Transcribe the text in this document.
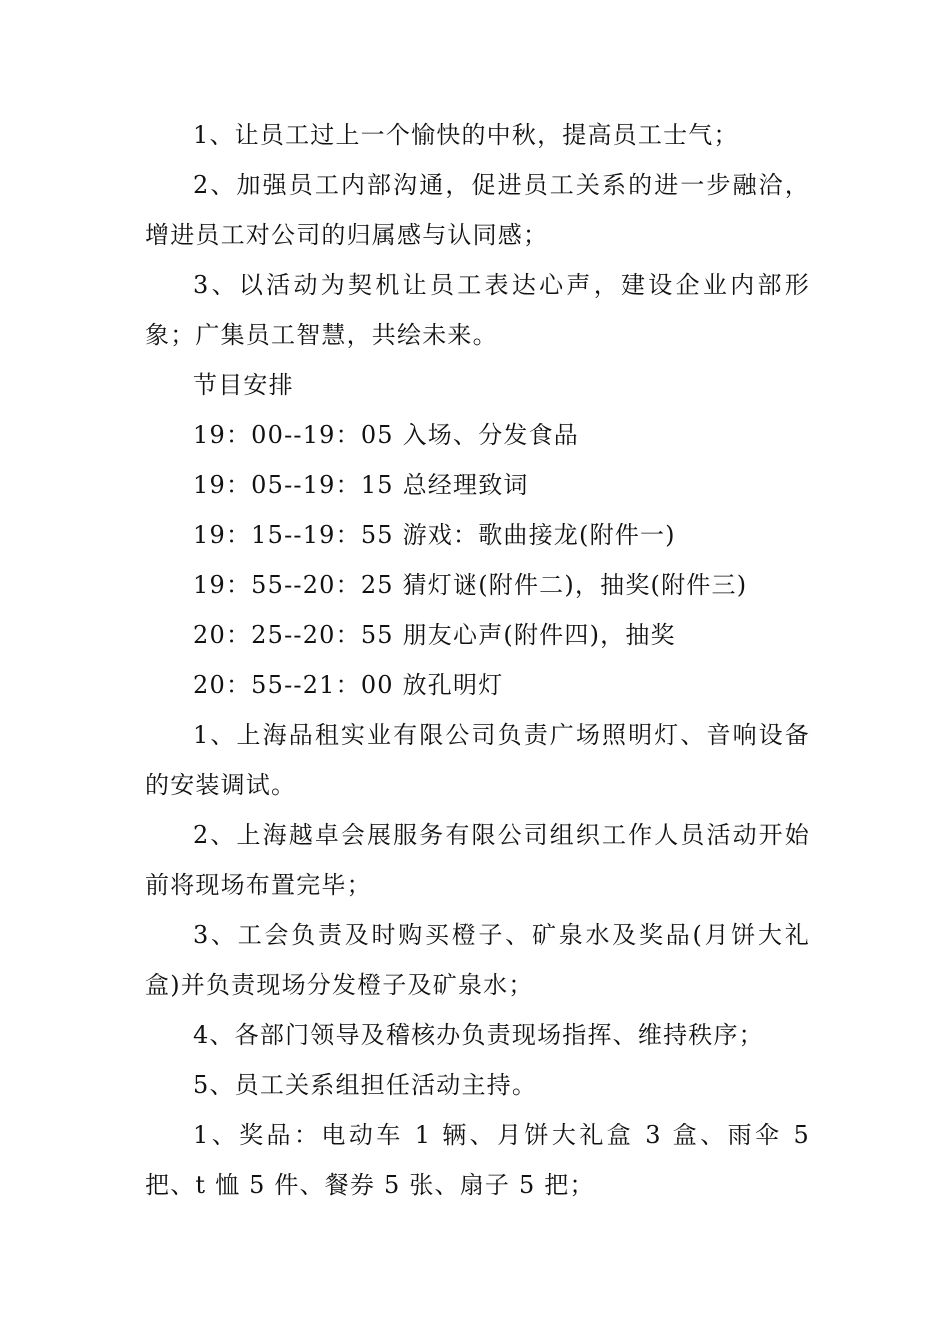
1、让员工过上一个愉快的中秋，提高员工士气；

2、加强员工内部沟通，促进员工关系的进一步融洽，增进员工对公司的归属感与认同感；

3、以活动为契机让员工表达心声，建设企业内部形象；广集员工智慧，共绘未来。

节目安排

19：00--19：05 入场、分发食品

19：05--19：15 总经理致词

19：15--19：55 游戏：歌曲接龙(附件一)

19：55--20：25 猜灯谜(附件二)，抽奖(附件三)

20：25--20：55 朋友心声(附件四)，抽奖

20：55--21：00 放孔明灯

1、上海品租实业有限公司负责广场照明灯、音响设备的安装调试。

2、上海越卓会展服务有限公司组织工作人员活动开始前将现场布置完毕；

3、工会负责及时购买橙子、矿泉水及奖品(月饼大礼盒)并负责现场分发橙子及矿泉水；

4、各部门领导及稽核办负责现场指挥、维持秩序；

5、员工关系组担任活动主持。

1、奖品：电动车 1 辆、月饼大礼盒 3 盒、雨伞 5 把、t 恤 5 件、餐券 5 张、扇子 5 把；
